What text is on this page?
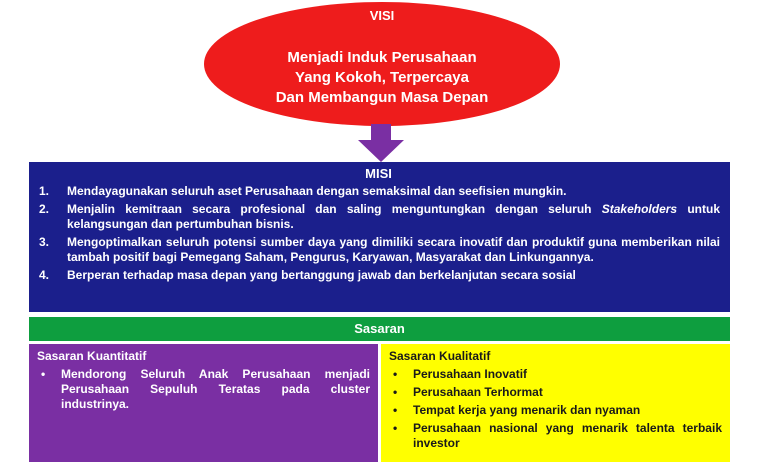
VISI
Menjadi Induk Perusahaan
Yang Kokoh, Terpercaya
Dan Membangun Masa Depan
MISI
1. Mendayagunakan seluruh aset Perusahaan dengan semaksimal dan seefisien mungkin.
2. Menjalin kemitraan secara profesional dan saling menguntungkan dengan seluruh Stakeholders untuk kelangsungan dan pertumbuhan bisnis.
3. Mengoptimalkan seluruh potensi sumber daya yang dimiliki secara inovatif dan produktif guna memberikan nilai tambah positif bagi Pemegang Saham, Pengurus, Karyawan, Masyarakat dan Linkungannya.
4. Berperan terhadap masa depan yang bertanggung jawab dan berkelanjutan secara sosial
Sasaran
Sasaran Kuantitatif
• Mendorong Seluruh Anak Perusahaan menjadi Perusahaan Sepuluh Teratas pada cluster industrinya.
Sasaran Kualitatif
• Perusahaan Inovatif
• Perusahaan Terhormat
• Tempat kerja yang menarik dan nyaman
• Perusahaan nasional yang menarik talenta terbaik investor
